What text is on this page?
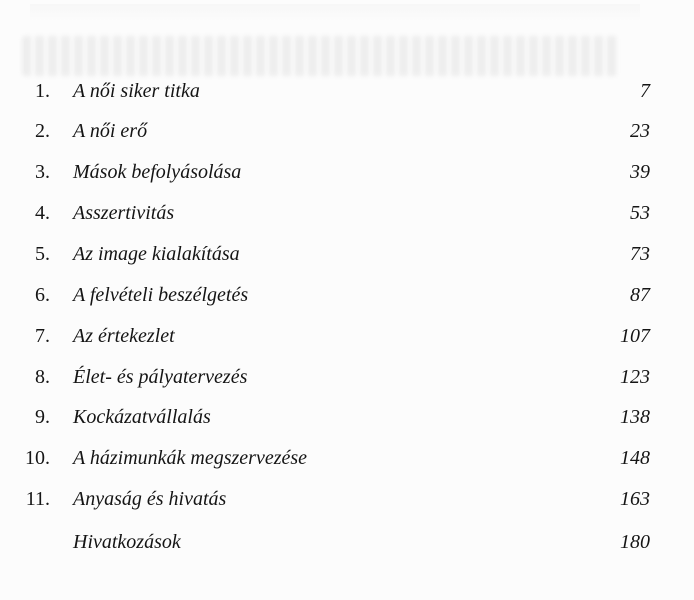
1. A női siker titka	7
2. A női erő	23
3. Mások befolyásolása	39
4. Asszertivitás	53
5. Az image kialakítása	73
6. A felvételi beszélgetés	87
7. Az értekezlet	107
8. Élet- és pályatervezés	123
9. Kockázatvállalás	138
10. A házimunkák megszervezése	148
11. Anyaság és hivatás	163
Hivatkozások	180
